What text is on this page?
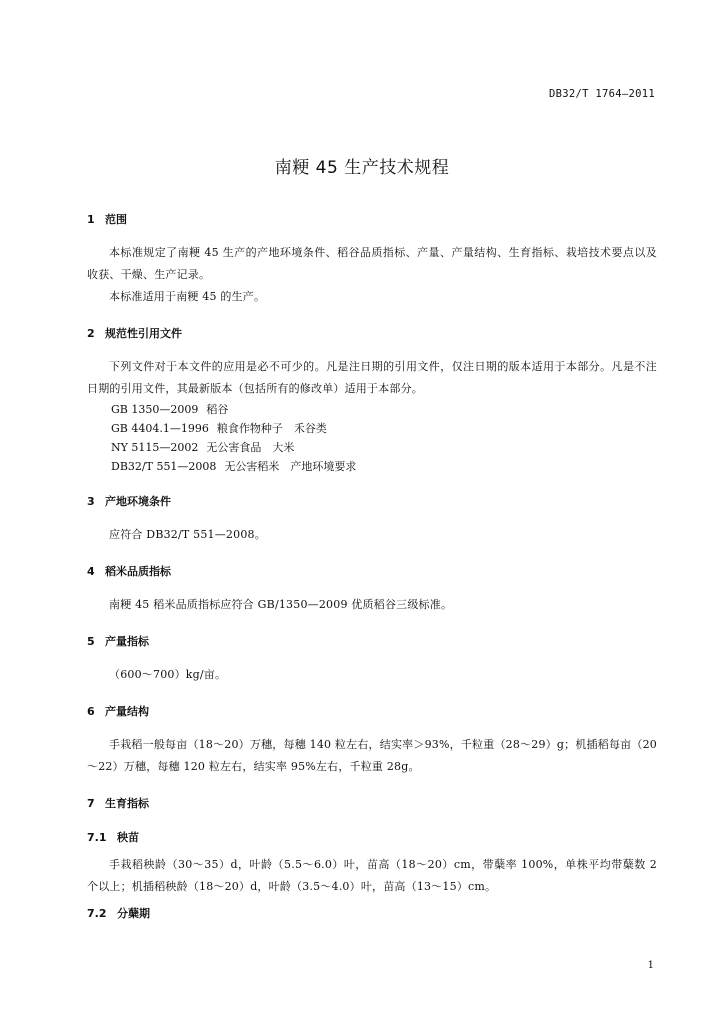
DB32/T 1764—2011
南粳 45 生产技术规程
1 范围

本标准规定了南粳 45 生产的产地环境条件、稻谷品质指标、产量、产量结构、生育指标、栽培技术要点以及收获、干燥、生产记录。

本标准适用于南粳 45 的生产。

2 规范性引用文件

下列文件对于本文件的应用是必不可少的。凡是注日期的引用文件，仅注日期的版本适用于本部分。凡是不注日期的引用文件，其最新版本（包括所有的修改单）适用于本部分。

GB 1350—2009 稻谷

GB 4404.1—1996 粮食作物种子　禾谷类

NY 5115—2002 无公害食品　大米

DB32/T 551—2008 无公害稻米　产地环境要求

3 产地环境条件

应符合 DB32/T 551—2008。

4 稻米品质指标

南粳 45 稻米品质指标应符合 GB/1350—2009 优质稻谷三级标准。

5 产量指标

（600～700）kg/亩。

6 产量结构

手栽稻一般每亩（18～20）万穗，每穗 140 粒左右，结实率＞93%，千粒重（28～29）g；机插稻每亩（20～22）万穗，每穗 120 粒左右，结实率 95%左右，千粒重 28g。

7 生育指标
7.1 秧苗

手栽稻秧龄（30～35）d，叶龄（5.5～6.0）叶，苗高（18～20）cm，带蘖率 100%，单株平均带蘖数 2 个以上；机插稻秧龄（18～20）d，叶龄（3.5～4.0）叶，苗高（13～15）cm。

7.2 分蘖期
1
